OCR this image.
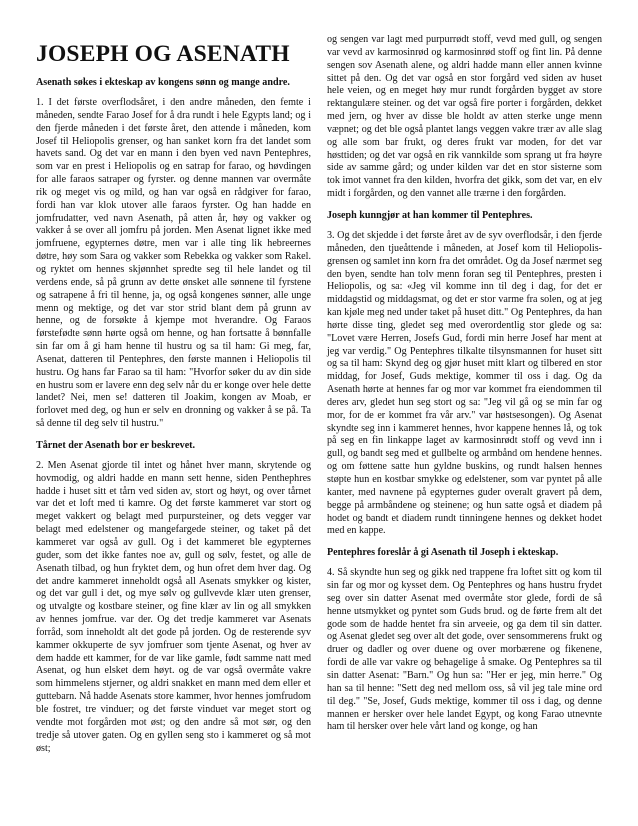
JOSEPH OG ASENATH
Asenath søkes i ekteskap av kongens sønn og mange andre.

1. I det første overflodsåret, i den andre måneden, den femte i måneden, sendte Farao Josef for å dra rundt i hele Egypts land; og i den fjerde måneden i det første året, den attende i måneden, kom Josef til Heliopolis grenser, og han sanket korn fra det landet som havets sand. Og det var en mann i den byen ved navn Pentephres, som var en prest i Heliopolis og en satrap for farao, og høvdingen for alle faraos satraper og fyrster. og denne mannen var overmåte rik og meget vis og mild, og han var også en rådgiver for farao, fordi han var klok utover alle faraos fyrster. Og han hadde en jomfrudatter, ved navn Asenath, på atten år, høy og vakker og vakker å se over all jomfru på jorden. Men Asenat lignet ikke med jomfruene, egypternes døtre, men var i alle ting lik hebreernes døtre, høy som Sara og vakker som Rebekka og vakker som Rakel. og ryktet om hennes skjønnhet spredte seg til hele landet og til verdens ende, så på grunn av dette ønsket alle sønnene til fyrstene og satrapene å fri til henne, ja, og også kongenes sønner, alle unge menn og mektige, og det var stor strid blant dem på grunn av henne, og de forsøkte å kjempe mot hverandre. Og Faraos førstefødte sønn hørte også om henne, og han fortsatte å bønnfalle sin far om å gi ham henne til hustru og sa til ham: Gi meg, far, Asenat, datteren til Pentephres, den første mannen i Heliopolis til hustru. Og hans far Farao sa til ham: "Hvorfor søker du av din side en hustru som er lavere enn deg selv når du er konge over hele dette landet? Nei, men se! datteren til Joakim, kongen av Moab, er forlovet med deg, og hun er selv en dronning og vakker å se på. Ta så denne til deg selv til hustru."

Tårnet der Asenath bor er beskrevet.

2. Men Asenat gjorde til intet og hånet hver mann, skrytende og hovmodig, og aldri hadde en mann sett henne, siden Penthephres hadde i huset sitt et tårn ved siden av, stort og høyt, og over tårnet var det et loft med ti kamre. Og det første kammeret var stort og meget vakkert og belagt med purpursteiner, og dets vegger var belagt med edelstener og mangefargede steiner, og taket på det kammeret var også av gull. Og i det kammeret ble egypternes guder, som det ikke fantes noe av, gull og sølv, festet, og alle de Asenath tilbad, og hun fryktet dem, og hun ofret dem hver dag. Og det andre kammeret inneholdt også all Asenats smykker og kister, og det var gull i det, og mye sølv og gullvevde klær uten grenser, og utvalgte og kostbare steiner, og fine klær av lin og all smykken av hennes jomfrue. var der. Og det tredje kammeret var Asenats forråd, som inneholdt alt det gode på jorden. Og de resterende syv kammer okkuperte de syv jomfruer som tjente Asenat, og hver av dem hadde ett kammer, for de var like gamle, født samme natt med Asenat, og hun elsket dem høyt. og de var også overmåte vakre som himmelens stjerner, og aldri snakket en mann med dem eller et guttebarn. Nå hadde Asenats store kammer, hvor hennes jomfrudom ble fostret, tre vinduer; og det første vinduet var meget stort og vendte mot forgården mot øst; og den andre så mot sør, og den tredje så utover gaten. Og en gyllen seng sto i kammeret og så mot øst;

og sengen var lagt med purpurrødt stoff, vevd med gull, og sengen var vevd av karmosinrød og karmosinrød stoff og fint lin. På denne sengen sov Asenath alene, og aldri hadde mann eller annen kvinne sittet på den. Og det var også en stor forgård ved siden av huset hele veien, og en meget høy mur rundt forgården bygget av store rektangulære steiner. og det var også fire porter i forgården, dekket med jern, og hver av disse ble holdt av atten sterke unge menn væpnet; og det ble også plantet langs veggen vakre trær av alle slag og alle som bar frukt, og deres frukt var moden, for det var høsttiden; og det var også en rik vannkilde som sprang ut fra høyre side av samme gård; og under kilden var det en stor sisterne som tok imot vannet fra den kilden, hvorfra det gikk, som det var, en elv midt i forgården, og den vannet alle trærne i den forgården.

Joseph kunngjør at han kommer til Pentephres.

3. Og det skjedde i det første året av de syv overflodsår, i den fjerde måneden, den tjueåttende i måneden, at Josef kom til Heliopolis-grensen og samlet inn korn fra det området. Og da Josef nærmet seg den byen, sendte han tolv menn foran seg til Pentephres, presten i Heliopolis, og sa: «Jeg vil komme inn til deg i dag, for det er middagstid og middagsmat, og det er stor varme fra solen, og at jeg kan kjøle meg ned under taket på huset ditt." Og Pentephres, da han hørte disse ting, gledet seg med overordentlig stor glede og sa: "Lovet være Herren, Josefs Gud, fordi min herre Josef har ment at jeg var verdig." Og Pentephres tilkalte tilsynsmannen for huset sitt og sa til ham: Skynd deg og gjør huset mitt klart og tilbered en stor middag, for Josef, Guds mektige, kommer til oss i dag. Og da Asenath hørte at hennes far og mor var kommet fra eiendommen til deres arv, gledet hun seg stort og sa: "Jeg vil gå og se min far og mor, for de er kommet fra vår arv." var høstsesongen). Og Asenat skyndte seg inn i kammeret hennes, hvor kappene hennes lå, og tok på seg en fin linkappe laget av karmosinrødt stoff og vevd inn i gull, og bandt seg med et gullbelte og armbånd om hendene hennes. og om føttene satte hun gyldne buskins, og rundt halsen hennes støpte hun en kostbar smykke og edelstener, som var pyntet på alle kanter, med navnene på egypternes guder overalt gravert på dem, begge på armbåndene og steinene; og hun satte også et diadem på hodet og bandt et diadem rundt tinningene hennes og dekket hodet med en kappe.

Pentephres foreslår å gi Asenath til Joseph i ekteskap.

4. Så skyndte hun seg og gikk ned trappene fra loftet sitt og kom til sin far og mor og kysset dem. Og Pentephres og hans hustru frydet seg over sin datter Asenat med overmåte stor glede, fordi de så henne utsmykket og pyntet som Guds brud. og de førte frem alt det gode som de hadde hentet fra sin arveeie, og ga dem til sin datter. og Asenat gledet seg over alt det gode, over sensommerens frukt og druer og dadler og over duene og over morbærene og fikenene, fordi de alle var vakre og behagelige å smake. Og Pentephres sa til sin datter Asenat: "Barn." Og hun sa: "Her er jeg, min herre." Og han sa til henne: "Sett deg ned mellom oss, så vil jeg tale mine ord til deg." "Se, Josef, Guds mektige, kommer til oss i dag, og denne mannen er hersker over hele landet Egypt, og kong Farao utnevnte ham til hersker over hele vårt land og konge, og han
